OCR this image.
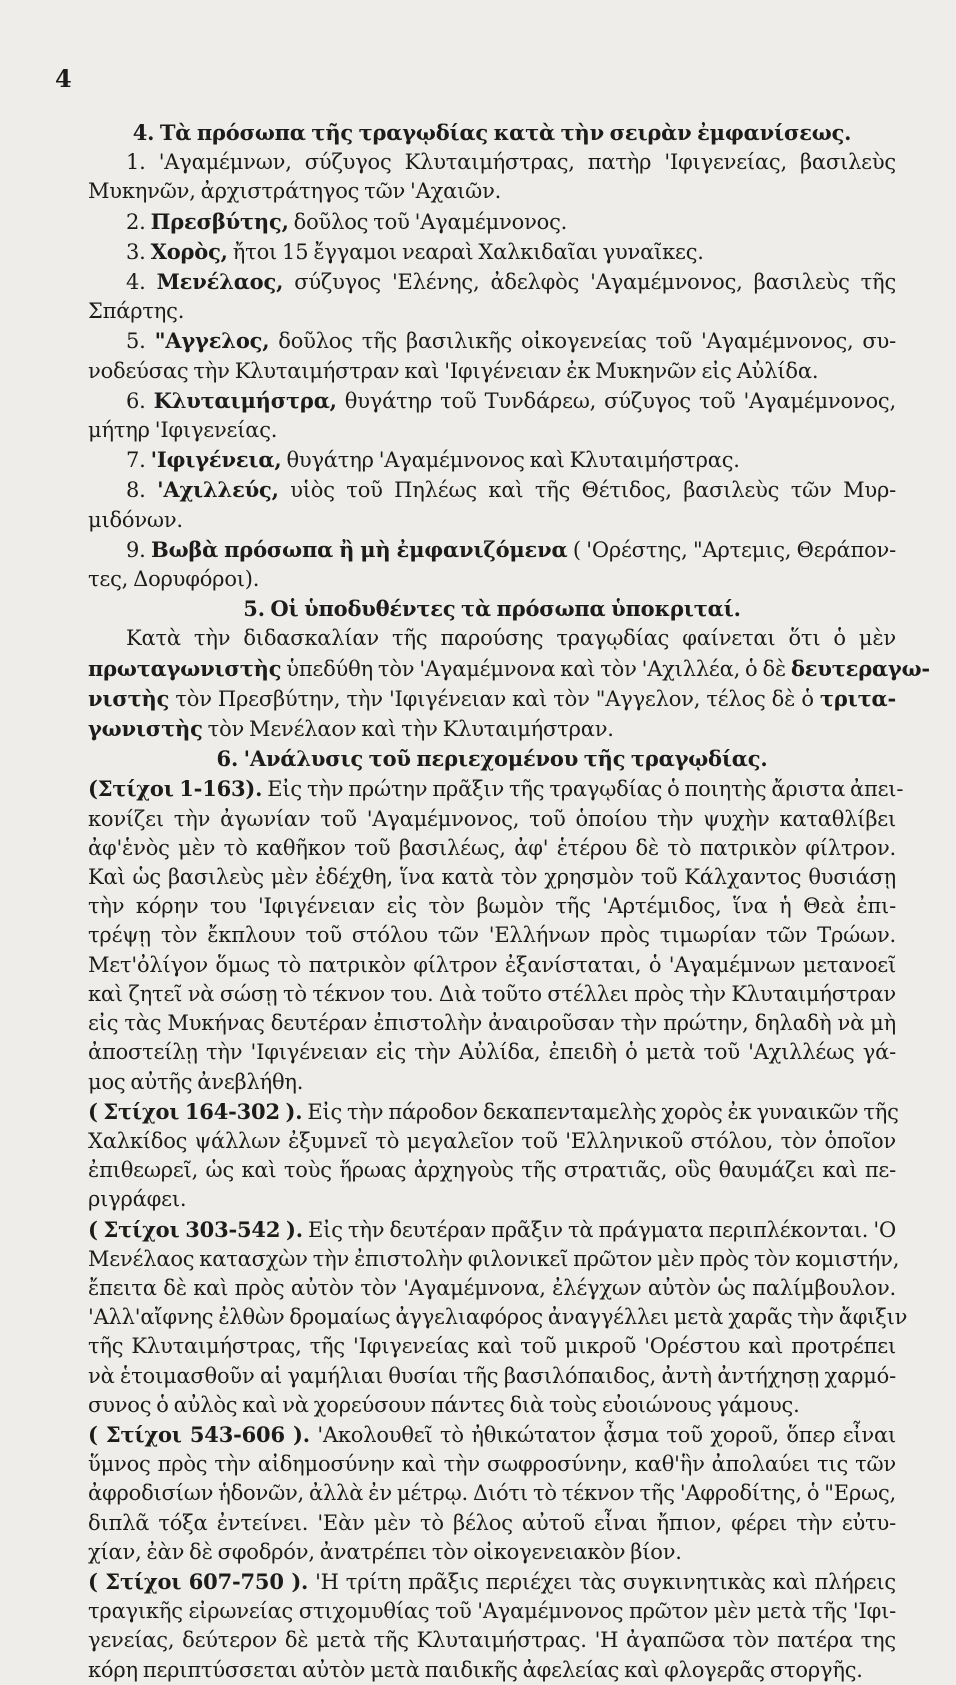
4
4. Τὰ πρόσωπα τῆς τραγῳδίας κατὰ τὴν σειρὰν ἐμφανίσεως.
1. 'Αγαμέμνων, σύζυγος Κλυταιμήστρας, πατὴρ 'Ιφιγενείας, βασιλεὺς
Μυκηνῶν, ἀρχιστράτηγος τῶν 'Αχαιῶν.
2. Πρεσβύτης, δοῦλος τοῦ 'Αγαμέμνονος.
3. Χορὸς, ἤτοι 15 ἔγγαμοι νεαραὶ Χαλκιδαῖαι γυναῖκες.
4. Μενέλαος, σύζυγος 'Ελένης, ἀδελφὸς 'Αγαμέμνονος, βασιλεὺς τῆς
Σπάρτης.
5. "Αγγελος, δοῦλος τῆς βασιλικῆς οἰκογενείας τοῦ 'Αγαμέμνονος, συ-
νοδεύσας τὴν Κλυταιμήστραν καὶ 'Ιφιγένειαν ἐκ Μυκηνῶν εἰς Αὐλίδα.
6. Κλυταιμήστρα, θυγάτηρ τοῦ Τυνδάρεω, σύζυγος τοῦ 'Αγαμέμνονος,
μήτηρ 'Ιφιγενείας.
7. 'Ιφιγένεια, θυγάτηρ 'Αγαμέμνονος καὶ Κλυταιμήστρας.
8. 'Αχιλλεύς, υἱὸς τοῦ Πηλέως καὶ τῆς Θέτιδος, βασιλεὺς τῶν Μυρ-
μιδόνων.
9. Βωβὰ πρόσωπα ἢ μὴ ἐμφανιζόμενα ( 'Ορέστης, "Αρτεμις, Θεράπον-
τες, Δορυφόροι).
5. Οἱ ὑποδυθέντες τὰ πρόσωπα ὑποκριταί.
Κατὰ τὴν διδασκαλίαν τῆς παρούσης τραγῳδίας φαίνεται ὅτι ὁ μὲν
πρωταγωνιστὴς ὑπεδύθη τὸν 'Αγαμέμνονα καὶ τὸν 'Αχιλλέα, ὁ δὲ δευτεραγω-
νιστὴς τὸν Πρεσβύτην, τὴν 'Ιφιγένειαν καὶ τὸν "Αγγελον, τέλος δὲ ὁ τριτα-
γωνιστὴς τὸν Μενέλαον καὶ τὴν Κλυταιμήστραν.
6. 'Ανάλυσις τοῦ περιεχομένου τῆς τραγῳδίας.
(Στίχοι 1-163). Εἰς τὴν πρώτην πρᾶξιν τῆς τραγῳδίας ὁ ποιητὴς ἄριστα ἀπει-
κονίζει τὴν ἀγωνίαν τοῦ 'Αγαμέμνονος, τοῦ ὁποίου τὴν ψυχὴν καταθλίβει
ἀφ'ἑνὸς μὲν τὸ καθῆκον τοῦ βασιλέως, ἀφ' ἑτέρου δὲ τὸ πατρικὸν φίλτρον.
Καὶ ὡς βασιλεὺς μὲν ἐδέχθη, ἵνα κατὰ τὸν χρησμὸν τοῦ Κάλχαντος θυσιάσῃ
τὴν κόρην του 'Ιφιγένειαν εἰς τὸν βωμὸν τῆς 'Αρτέμιδος, ἵνα ἡ Θεὰ ἐπι-
τρέψῃ τὸν ἔκπλουν τοῦ στόλου τῶν 'Ελλήνων πρὸς τιμωρίαν τῶν Τρώων.
Μετ'ὀλίγον ὅμως τὸ πατρικὸν φίλτρον ἐξανίσταται, ὁ 'Αγαμέμνων μετανοεῖ
καὶ ζητεῖ νὰ σώσῃ τὸ τέκνον του. Διὰ τοῦτο στέλλει πρὸς τὴν Κλυταιμήστραν
εἰς τὰς Μυκήνας δευτέραν ἐπιστολὴν ἀναιροῦσαν τὴν πρώτην, δηλαδὴ νὰ μὴ
ἀποστείλῃ τὴν 'Ιφιγένειαν εἰς τὴν Αὐλίδα, ἐπειδὴ ὁ μετὰ τοῦ 'Αχιλλέως γά-
μος αὐτῆς ἀνεβλήθη.
( Στίχοι 164-302 ). Εἰς τὴν πάροδον δεκαπενταμελὴς χορὸς ἐκ γυναικῶν τῆς
Χαλκίδος ψάλλων ἐξυμνεῖ τὸ μεγαλεῖον τοῦ 'Ελληνικοῦ στόλου, τὸν ὁποῖον
ἐπιθεωρεῖ, ὡς καὶ τοὺς ἥρωας ἀρχηγοὺς τῆς στρατιᾶς, οὓς θαυμάζει καὶ πε-
ριγράφει.
( Στίχοι 303-542 ). Εἰς τὴν δευτέραν πρᾶξιν τὰ πράγματα περιπλέκονται. 'Ο
Μενέλαος κατασχὼν τὴν ἐπιστολὴν φιλονικεῖ πρῶτον μὲν πρὸς τὸν κομιστήν,
ἔπειτα δὲ καὶ πρὸς αὐτὸν τὸν 'Αγαμέμνονα, ἐλέγχων αὐτὸν ὡς παλίμβουλον.
'Αλλ'αἴφνης ἐλθὼν δρομαίως ἀγγελιαφόρος ἀναγγέλλει μετὰ χαρᾶς τὴν ἄφιξιν
τῆς Κλυταιμήστρας, τῆς 'Ιφιγενείας καὶ τοῦ μικροῦ 'Ορέστου καὶ προτρέπει
νὰ ἑτοιμασθοῦν αἱ γαμήλιαι θυσίαι τῆς βασιλόπαιδος, ἀντὴ ἀντήχησῃ χαρμό-
συνος ὁ αὐλὸς καὶ νὰ χορεύσουν πάντες διὰ τοὺς εὐοιώνους γάμους.
( Στίχοι 543-606 ). 'Ακολουθεῖ τὸ ἠθικώτατον ᾆσμα τοῦ χοροῦ, ὅπερ εἶναι
ὕμνος πρὸς τὴν αἰδημοσύνην καὶ τὴν σωφροσύνην, καθ'ἣν ἀπολαύει τις τῶν
ἀφροδισίων ἡδονῶν, ἀλλὰ ἐν μέτρῳ. Διότι τὸ τέκνον τῆς 'Αφροδίτης, ὁ "Ερως,
διπλᾶ τόξα ἐντείνει. 'Εὰν μὲν τὸ βέλος αὐτοῦ εἶναι ἤπιον, φέρει τὴν εὐτυ-
χίαν, ἐὰν δὲ σφοδρόν, ἀνατρέπει τὸν οἰκογενειακὸν βίον.
( Στίχοι 607-750 ). 'Η τρίτη πρᾶξις περιέχει τὰς συγκινητικὰς καὶ πλήρεις
τραγικῆς εἰρωνείας στιχομυθίας τοῦ 'Αγαμέμνονος πρῶτον μὲν μετὰ τῆς 'Ιφι-
γενείας, δεύτερον δὲ μετὰ τῆς Κλυταιμήστρας. 'Η ἀγαπῶσα τὸν πατέρα της
κόρη περιπτύσσεται αὐτὸν μετὰ παιδικῆς ἀφελείας καὶ φλογερᾶς στοργῆς.
